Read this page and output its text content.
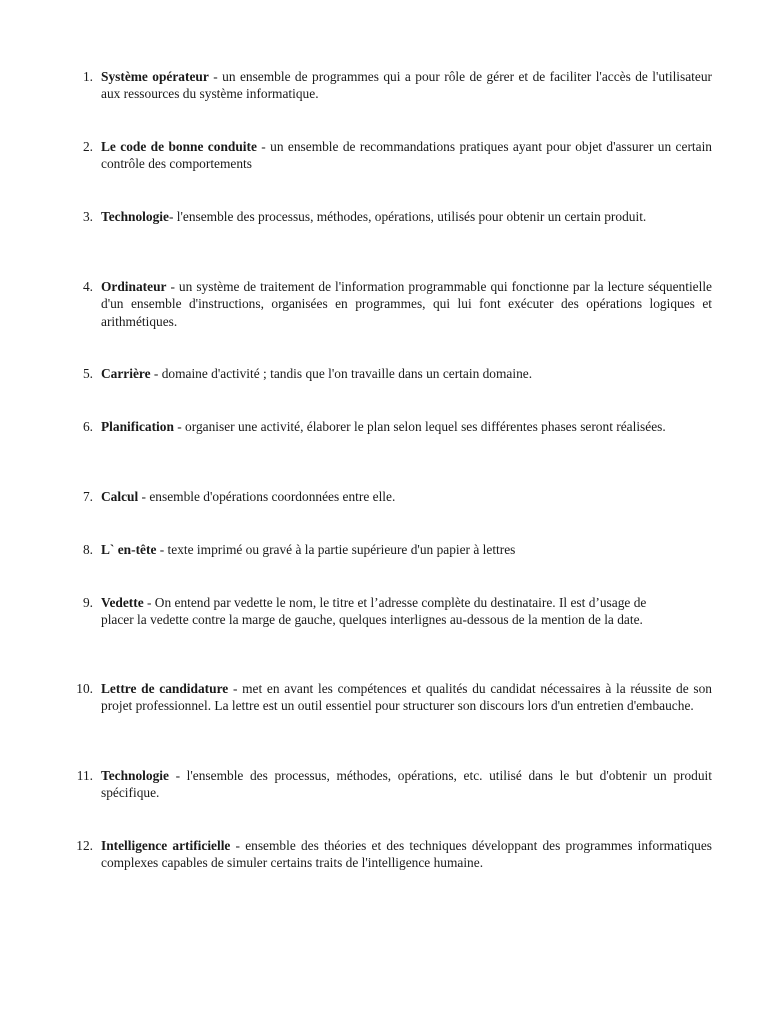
1. Système opérateur - un ensemble de programmes qui a pour rôle de gérer et de faciliter l'accès de l'utilisateur aux ressources du système informatique.
2. Le code de bonne conduite - un ensemble de recommandations pratiques ayant pour objet d'assurer un certain contrôle des comportements
3. Technologie- l'ensemble des processus, méthodes, opérations, utilisés pour obtenir un certain produit.
4. Ordinateur - un système de traitement de l'information programmable qui fonctionne par la lecture séquentielle d'un ensemble d'instructions, organisées en programmes, qui lui font exécuter des opérations logiques et arithmétiques.
5. Carrière - domaine d'activité ; tandis que l'on travaille dans un certain domaine.
6. Planification - organiser une activité, élaborer le plan selon lequel ses différentes phases seront réalisées.
7. Calcul - ensemble d'opérations coordonnées entre elle.
8. L` en-tête - texte imprimé ou gravé à la partie supérieure d'un papier à lettres
9. Vedette - On entend par vedette le nom, le titre et l’adresse complète du destinataire. Il est d’usage de placer la vedette contre la marge de gauche, quelques interlignes au-dessous de la mention de la date.
10. Lettre de candidature - met en avant les compétences et qualités du candidat nécessaires à la réussite de son projet professionnel. La lettre est un outil essentiel pour structurer son discours lors d'un entretien d'embauche.
11. Technologie - l'ensemble des processus, méthodes, opérations, etc. utilisé dans le but d'obtenir un produit spécifique.
12. Intelligence artificielle - ensemble des théories et des techniques développant des programmes informatiques complexes capables de simuler certains traits de l'intelligence humaine.
